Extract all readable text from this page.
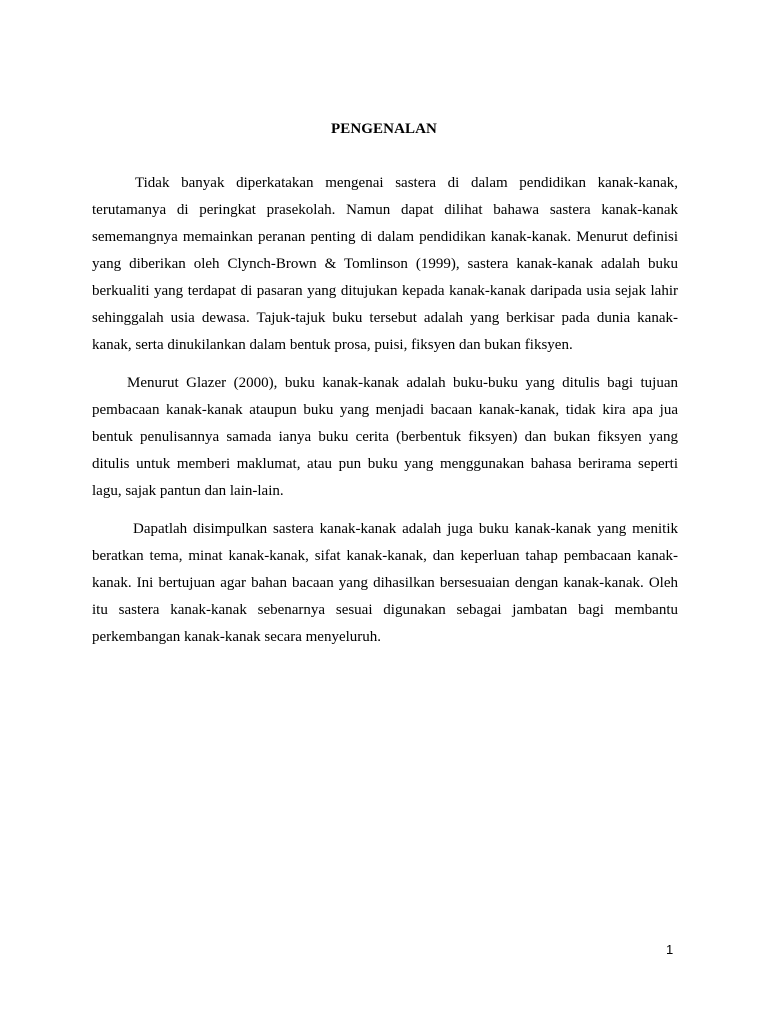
PENGENALAN
Tidak banyak diperkatakan mengenai sastera di dalam pendidikan kanak-kanak,
terutamanya di peringkat prasekolah. Namun dapat dilihat bahawa sastera kanak-kanak
sememangnya memainkan peranan penting di dalam pendidikan kanak-kanak. Menurut definisi
yang diberikan oleh Clynch-Brown & Tomlinson (1999), sastera kanak-kanak adalah buku
berkualiti yang terdapat di pasaran yang ditujukan kepada kanak-kanak daripada usia sejak lahir
sehinggalah usia dewasa. Tajuk-tajuk buku tersebut adalah yang berkisar pada dunia kanak-
kanak, serta dinukilankan dalam bentuk prosa, puisi, fiksyen dan bukan fiksyen.
Menurut Glazer (2000), buku kanak-kanak adalah buku-buku yang ditulis bagi tujuan
pembacaan kanak-kanak ataupun buku yang menjadi bacaan kanak-kanak, tidak kira apa jua
bentuk penulisannya samada ianya buku cerita (berbentuk fiksyen) dan bukan fiksyen yang
ditulis untuk memberi maklumat, atau pun buku yang menggunakan bahasa berirama seperti
lagu, sajak pantun dan lain-lain.
Dapatlah disimpulkan sastera kanak-kanak adalah juga buku kanak-kanak yang menitik
beratkan tema, minat kanak-kanak, sifat kanak-kanak, dan keperluan tahap pembacaan kanak-
kanak. Ini bertujuan agar bahan bacaan yang dihasilkan bersesuaian dengan kanak-kanak. Oleh
itu sastera kanak-kanak sebenarnya sesuai digunakan sebagai jambatan bagi membantu
perkembangan kanak-kanak secara menyeluruh.
1
